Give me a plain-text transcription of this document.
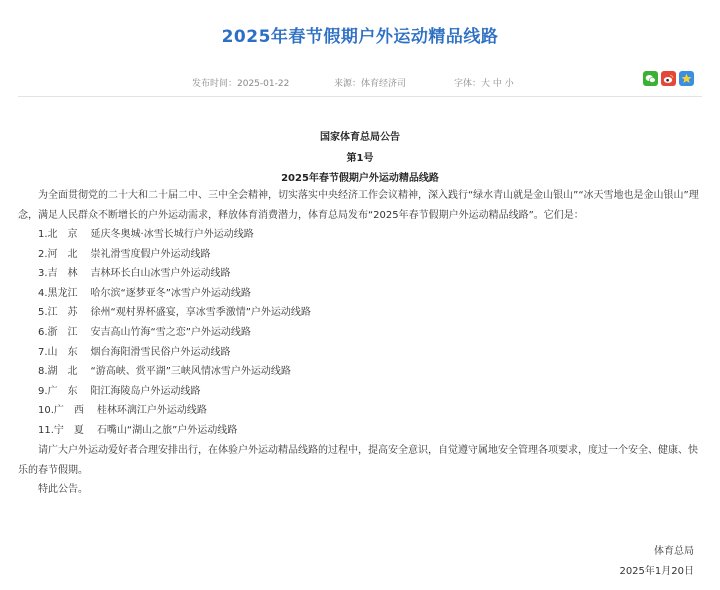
2025年春节假期户外运动精品线路
发布时间：2025-01-22	来源：体育经济司	字体：大 中 小
国家体育总局公告
第1号
2025年春节假期户外运动精品线路

为全面贯彻党的二十大和二十届二中、三中全会精神，切实落实中央经济工作会议精神，深入践行“绿水青山就是金山银山”“冰天雪地也是金山银山”理念，满足人民群众不断增长的户外运动需求，释放体育消费潜力，体育总局发布“2025年春节假期户外运动精品线路”。它们是：

1.北　京 延庆冬奥城·冰雪长城行户外运动线路
2.河　北 崇礼滑雪度假户外运动线路
3.吉　林 吉林环长白山冰雪户外运动线路
4.黑龙江 哈尔滨“逐梦亚冬”冰雪户外运动线路
5.江　苏 徐州“观村界杯盛宴，享冰雪季激情”户外运动线路
6.浙　江 安吉高山竹海“雪之恋”户外运动线路
7.山　东 烟台海阳滑雪民俗户外运动线路
8.湖　北 “游高峡、赏平湖”三峡风情冰雪户外运动线路
9.广　东 阳江海陵岛户外运动线路
10.广　西 桂林环漓江户外运动线路
11.宁　夏 石嘴山“湖山之旅”户外运动线路

请广大户外运动爱好者合理安排出行，在体验户外运动精品线路的过程中，提高安全意识，自觉遵守属地安全管理各项要求，度过一个安全、健康、快乐的春节假期。

特此公告。

体育总局
2025年1月20日
